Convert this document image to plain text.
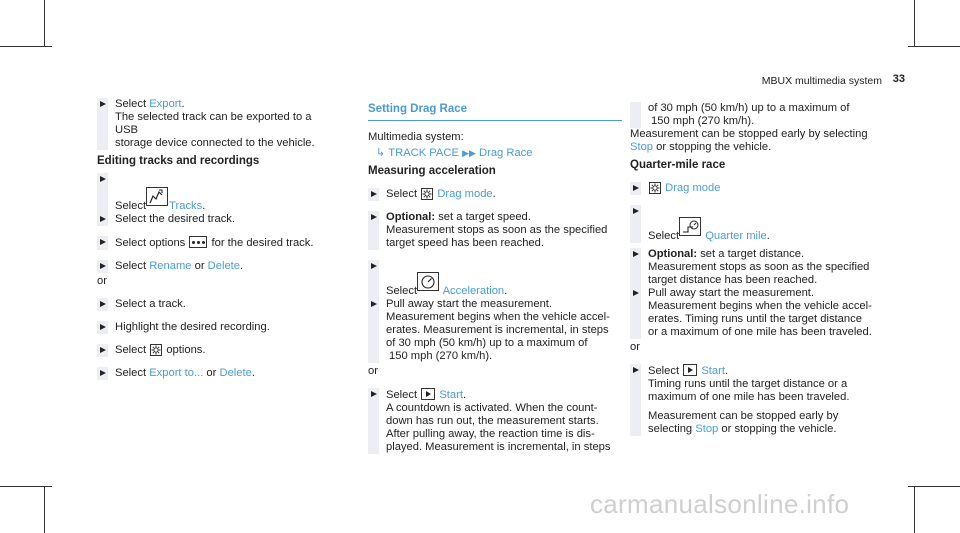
MBUX multimedia system 33
Select Export.
The selected track can be exported to a USB
storage device connected to the vehicle.
Editing tracks and recordings
Select Tracks.
Select the desired track.
Select options for the desired track.
Select Rename or Delete.
or
Select a track.
Highlight the desired recording.
Select options.
Select Export to... or Delete.
Setting Drag Race
Multimedia system:
↳ TRACK PACE ▶▶ Drag Race
Measuring acceleration
Select Drag mode.
Optional: set a target speed.
Measurement stops as soon as the specified
target speed has been reached.
Select Acceleration.
Pull away start the measurement.
Measurement begins when the vehicle accel-
erates. Measurement is incremental, in steps
of 30 mph (50 km/h) up to a maximum of
150 mph (270 km/h).
or
Select Start.
A countdown is activated. When the count-
down has run out, the measurement starts.
After pulling away, the reaction time is dis-
played. Measurement is incremental, in steps
of 30 mph (50 km/h) up to a maximum of
150 mph (270 km/h).
Measurement can be stopped early by selecting
Stop or stopping the vehicle.
Quarter-mile race
Drag mode
Select Quarter mile.
Optional: set a target distance.
Measurement stops as soon as the specified
target distance has been reached.
Pull away start the measurement.
Measurement begins when the vehicle accel-
erates. Timing runs until the target distance
or a maximum of one mile has been traveled.
or
Select Start.
Timing runs until the target distance or a
maximum of one mile has been traveled.
Measurement can be stopped early by
selecting Stop or stopping the vehicle.
carmanualsonline.info
